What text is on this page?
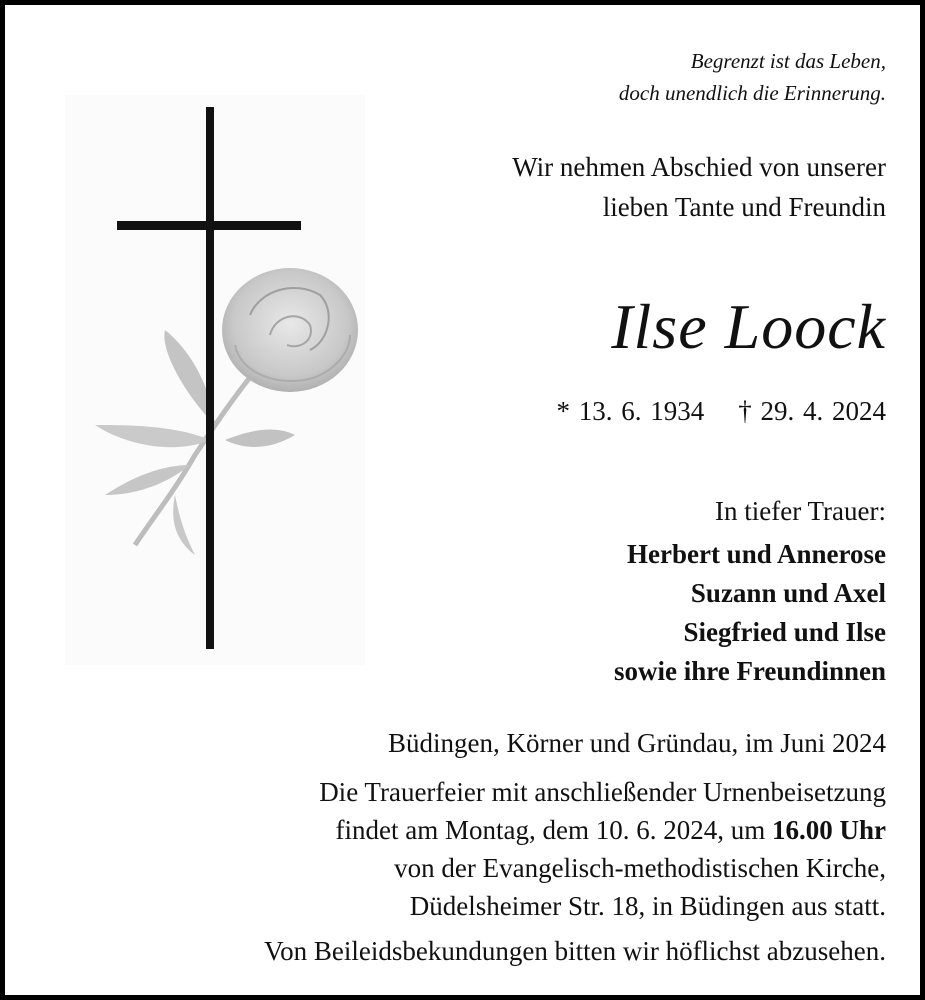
Begrenzt ist das Leben,
doch unendlich die Erinnerung.
Wir nehmen Abschied von unserer
lieben Tante und Freundin
Ilse Loock
* 13. 6. 1934 † 29. 4. 2024
In tiefer Trauer:
Herbert und Annerose
Suzann und Axel
Siegfried und Ilse
sowie ihre Freundinnen
Büdingen, Körner und Gründau, im Juni 2024
Die Trauerfeier mit anschließender Urnenbeisetzung
findet am Montag, dem 10. 6. 2024, um 16.00 Uhr
von der Evangelisch-methodistischen Kirche,
Düdelsheimer Str. 18, in Büdingen aus statt.
Von Beileidsbekundungen bitten wir höflichst abzusehen.
